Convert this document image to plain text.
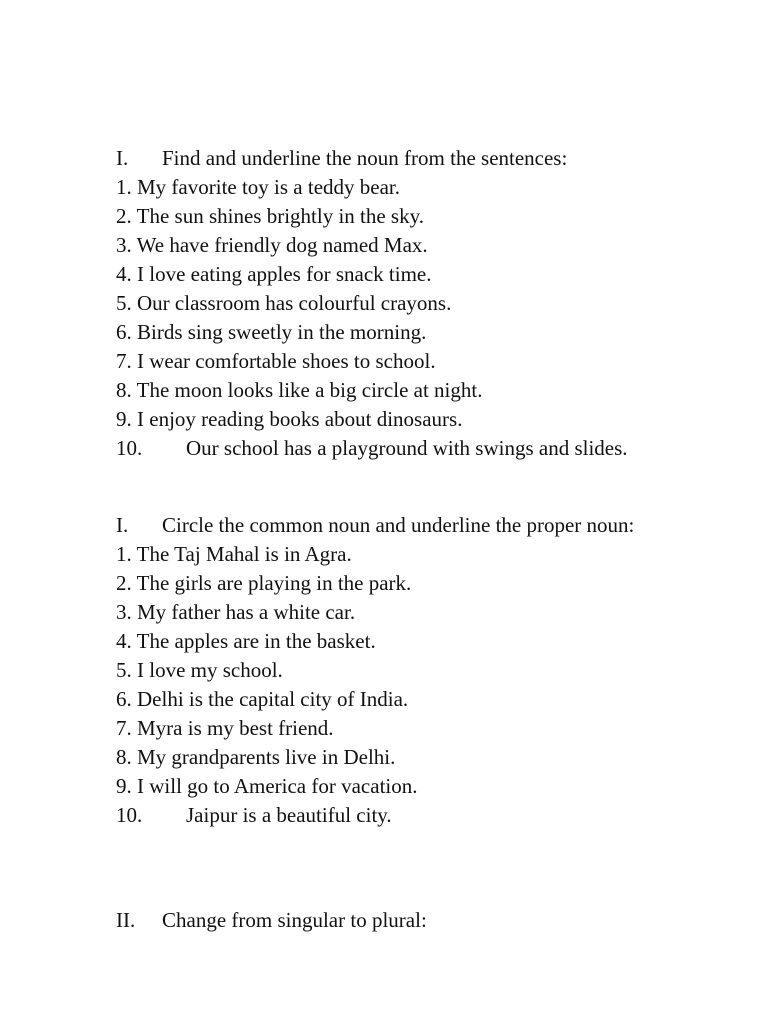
I. Find and underline the noun from the sentences:

1. My favorite toy is a teddy bear.
2. The sun shines brightly in the sky.
3. We have friendly dog named Max.
4. I love eating apples for snack time.
5. Our classroom has colourful crayons.
6. Birds sing sweetly in the morning.
7. I wear comfortable shoes to school.
8. The moon looks like a big circle at night.
9. I enjoy reading books about dinosaurs.
10. Our school has a playground with swings and slides.

I. Circle the common noun and underline the proper noun:

1. The Taj Mahal is in Agra.
2. The girls are playing in the park.
3. My father has a white car.
4. The apples are in the basket.
5. I love my school.
6. Delhi is the capital city of India.
7. Myra is my best friend.
8. My grandparents live in Delhi.
9. I will go to America for vacation.
10. Jaipur is a beautiful city.

II. Change from singular to plural:
